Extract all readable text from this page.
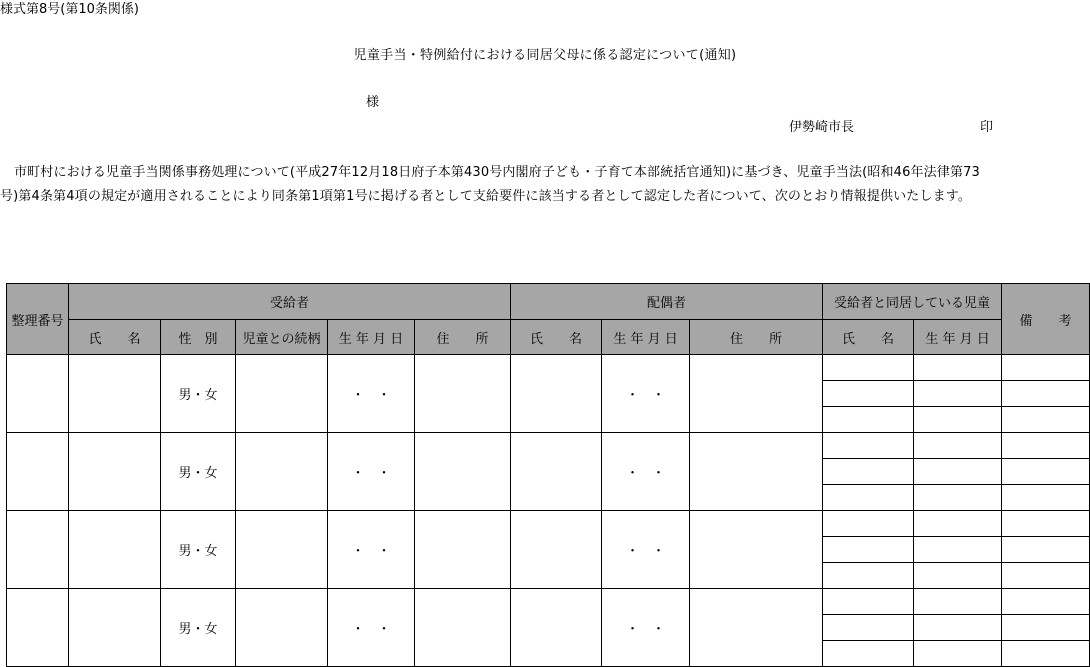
様式第8号(第10条関係)
児童手当・特例給付における同居父母に係る認定について(通知)
様
伊勢崎市長	印
市町村における児童手当関係事務処理について(平成27年12月18日府子本第430号内閣府子ども・子育て本部統括官通知)に基づき、児童手当法(昭和46年法律第73
号)第4条第4項の規定が適用されることにより同条第1項第1号に掲げる者として支給要件に該当する者として認定した者について、次のとおり情報提供いたします。
整理番号	受給者					配偶者			受給者と同居している児童		備　　考
	氏　　名	性　別	児童との続柄	生 年 月 日	住　　所	氏　　名	生 年 月 日	住　　所	氏　　名	生 年 月 日	
		男・女		・　・			・　・				

		男・女		・　・			・　・				

		男・女		・　・			・　・				

		男・女		・　・			・　・				
